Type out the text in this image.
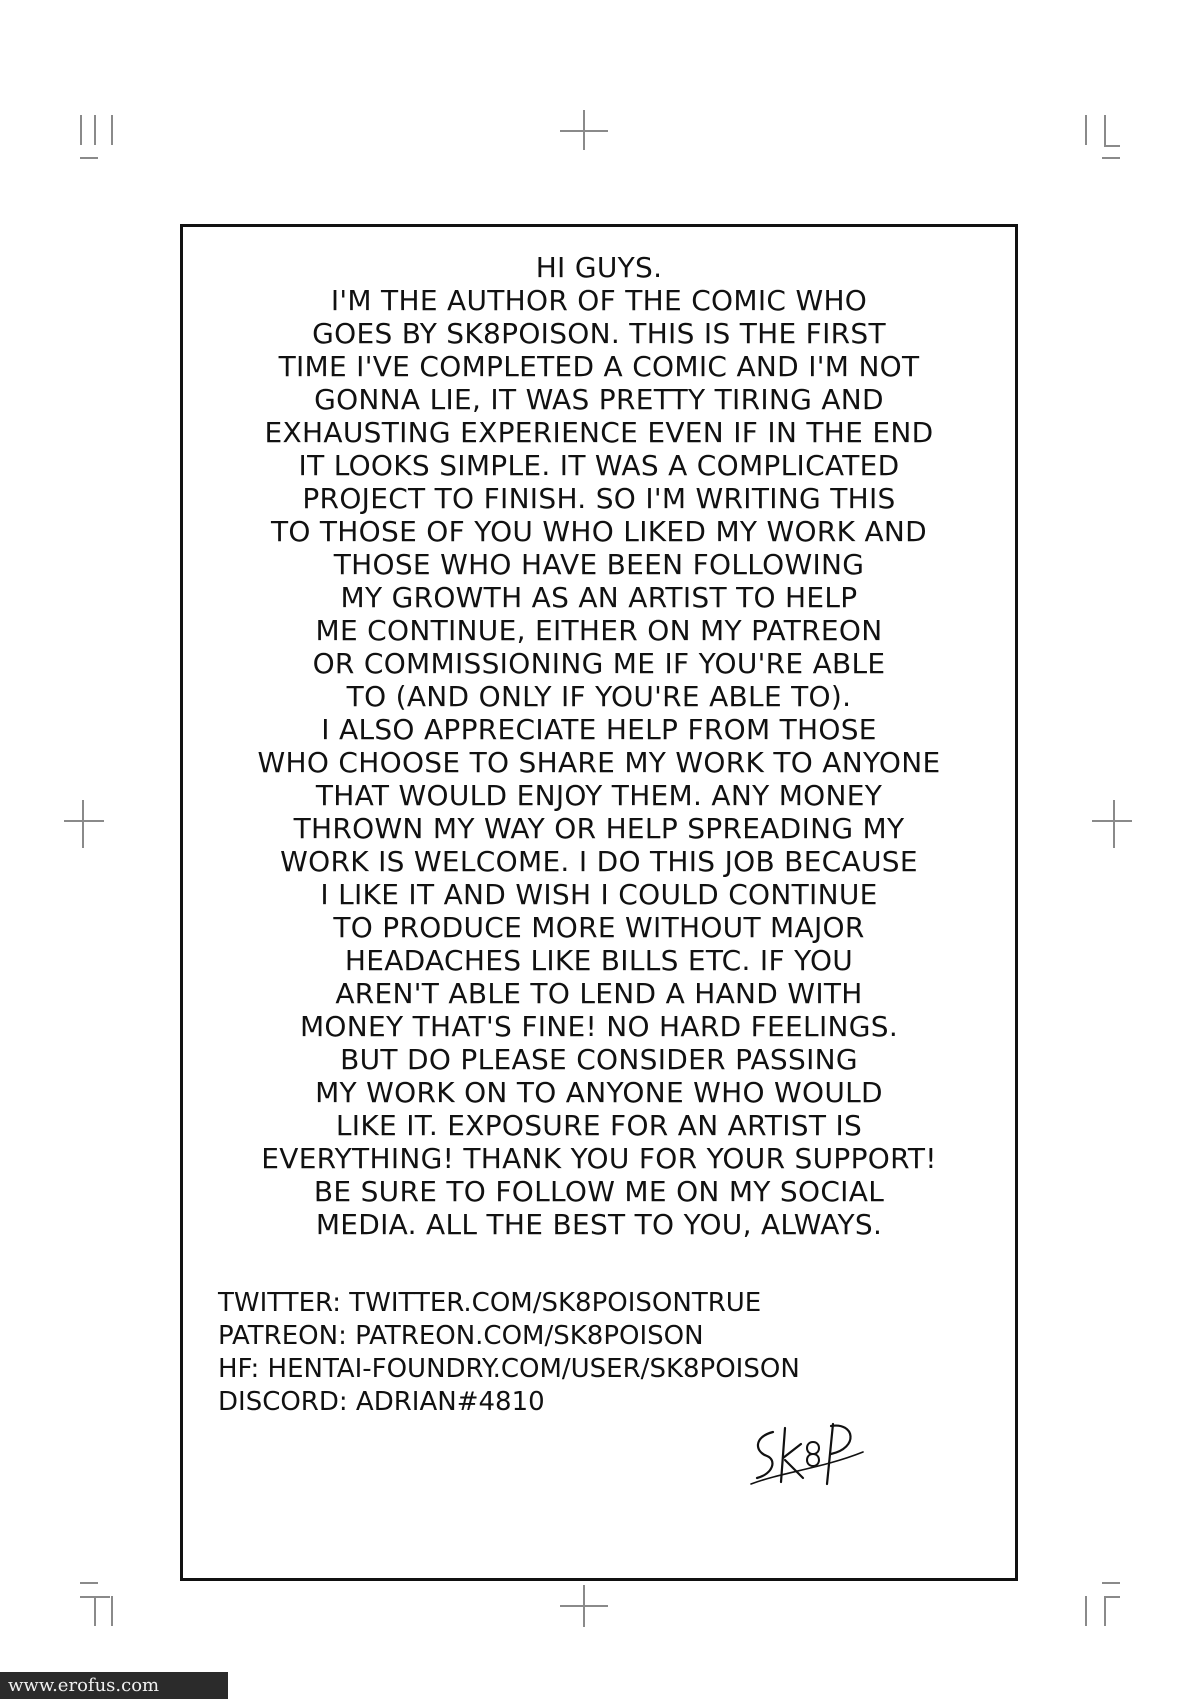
HI GUYS.
I'M THE AUTHOR OF THE COMIC WHO
GOES BY SK8POISON. THIS IS THE FIRST
TIME I'VE COMPLETED A COMIC AND I'M NOT
GONNA LIE, IT WAS PRETTY TIRING AND
EXHAUSTING EXPERIENCE EVEN IF IN THE END
IT LOOKS SIMPLE. IT WAS A COMPLICATED
PROJECT TO FINISH. SO I'M WRITING THIS
TO THOSE OF YOU WHO LIKED MY WORK AND
THOSE WHO HAVE BEEN FOLLOWING
MY GROWTH AS AN ARTIST TO HELP
ME CONTINUE, EITHER ON MY PATREON
OR COMMISSIONING ME IF YOU'RE ABLE
TO (AND ONLY IF YOU'RE ABLE TO).
I ALSO APPRECIATE HELP FROM THOSE
WHO CHOOSE TO SHARE MY WORK TO ANYONE
THAT WOULD ENJOY THEM. ANY MONEY
THROWN MY WAY OR HELP SPREADING MY
WORK IS WELCOME. I DO THIS JOB BECAUSE
I LIKE IT AND WISH I COULD CONTINUE
TO PRODUCE MORE WITHOUT MAJOR
HEADACHES LIKE BILLS ETC. IF YOU
AREN'T ABLE TO LEND A HAND WITH
MONEY THAT'S FINE! NO HARD FEELINGS.
BUT DO PLEASE CONSIDER PASSING
MY WORK ON TO ANYONE WHO WOULD
LIKE IT. EXPOSURE FOR AN ARTIST IS
EVERYTHING! THANK YOU FOR YOUR SUPPORT!
BE SURE TO FOLLOW ME ON MY SOCIAL
MEDIA. ALL THE BEST TO YOU, ALWAYS.
TWITTER: TWITTER.COM/SK8POISONTRUE
PATREON: PATREON.COM/SK8POISON
HF: HENTAI-FOUNDRY.COM/USER/SK8POISON
DISCORD: ADRIAN#4810
www.erofus.com
